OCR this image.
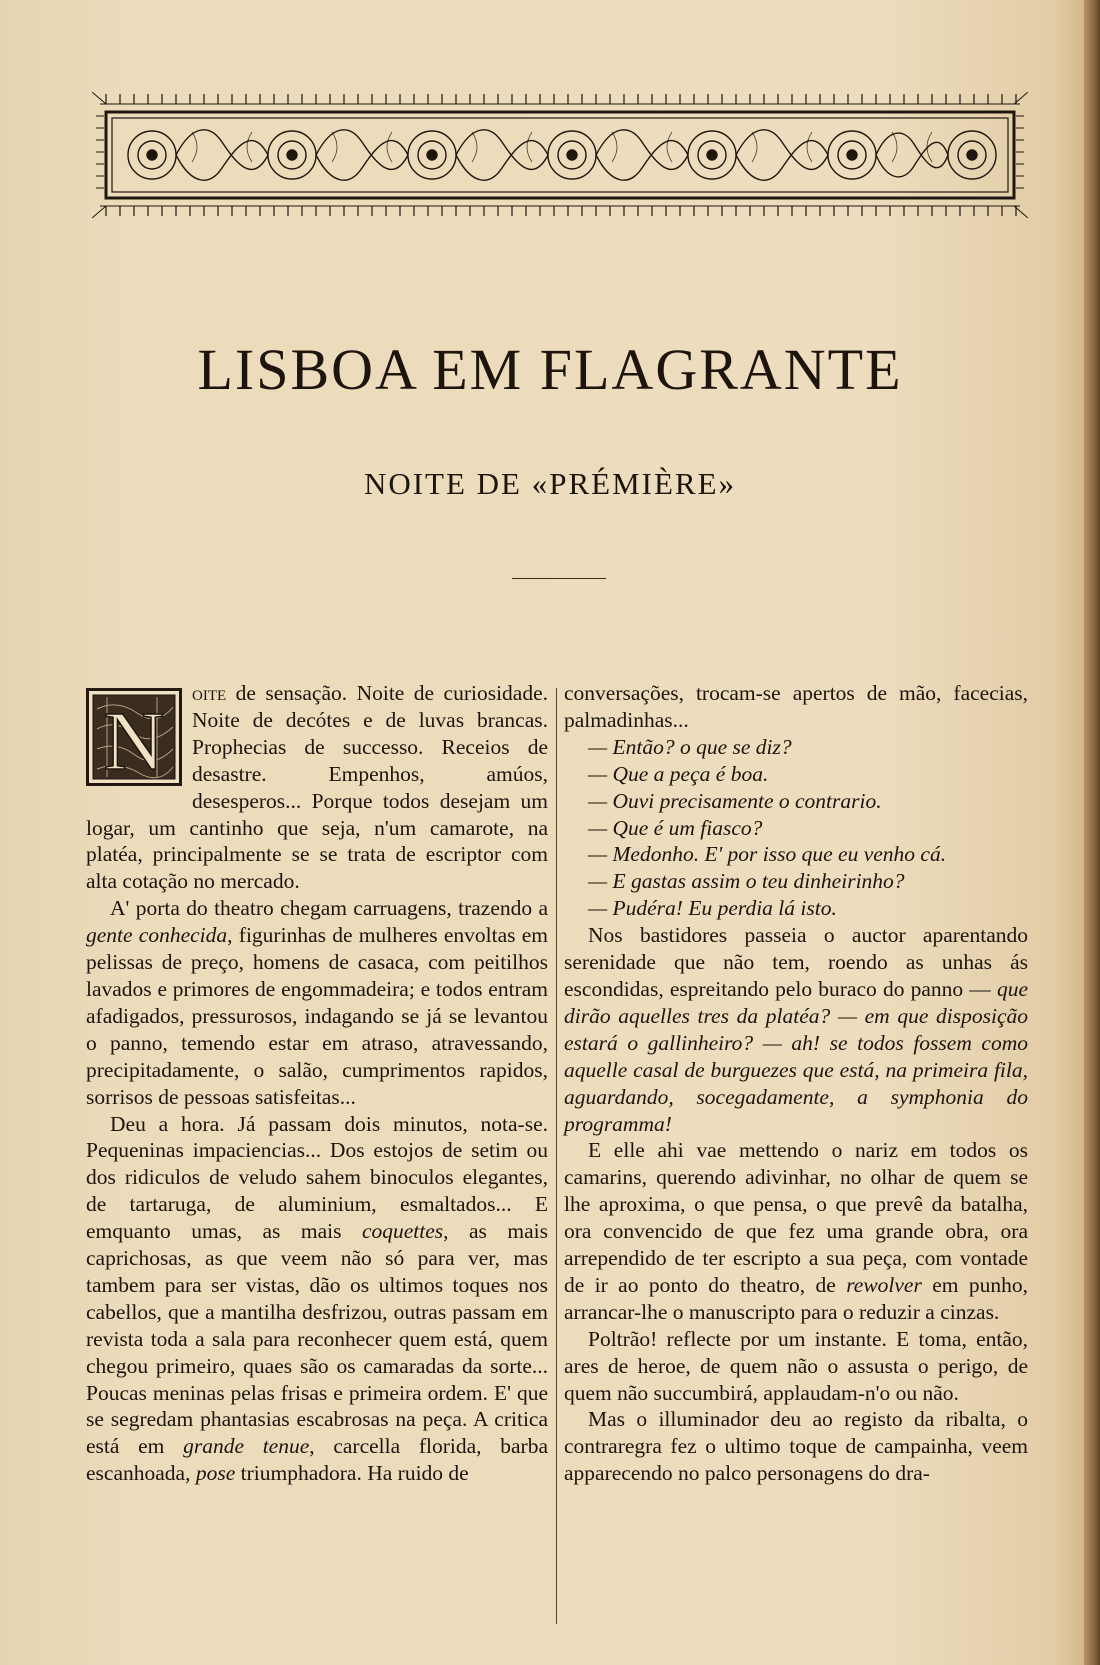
LISBOA EM FLAGRANTE
NOITE DE «PRÉMIÈRE»
N

oite de sensação. Noite de curiosidade. Noite de decótes e de luvas brancas. Prophecias de successo. Receios de desastre. Empenhos, amúos, desesperos... Porque todos desejam um logar, um cantinho que seja, n'um camarote, na platéa, principalmente se se trata de escriptor com alta cotação no mercado.

A' porta do theatro chegam carruagens, trazendo a gente conhecida, figurinhas de mulheres envoltas em pelissas de preço, homens de casaca, com peitilhos lavados e primores de engommadeira; e todos entram afadigados, pressurosos, indagando se já se levantou o panno, temendo estar em atraso, atravessando, precipitadamente, o salão, cumprimentos rapidos, sorrisos de pessoas satisfeitas...

Deu a hora. Já passam dois minutos, nota-se. Pequeninas impaciencias... Dos estojos de setim ou dos ridiculos de veludo sahem binoculos elegantes, de tartaruga, de aluminium, esmaltados... E emquanto umas, as mais coquettes, as mais caprichosas, as que veem não só para ver, mas tambem para ser vistas, dão os ultimos toques nos cabellos, que a mantilha desfrizou, outras passam em revista toda a sala para reconhecer quem está, quem chegou primeiro, quaes são os camaradas da sorte... Poucas meninas pelas frisas e primeira ordem. E' que se segredam phantasias escabrosas na peça. A critica está em grande tenue, carcella florida, barba escanhoada, pose triumphadora. Ha ruido de

conversações, trocam-se apertos de mão, facecias, palmadinhas...

— Então? o que se diz?

— Que a peça é boa.

— Ouvi precisamente o contrario.

— Que é um fiasco?

— Medonho. E' por isso que eu venho cá.

— E gastas assim o teu dinheirinho?

— Pudéra! Eu perdia lá isto.

Nos bastidores passeia o auctor aparentando serenidade que não tem, roendo as unhas ás escondidas, espreitando pelo buraco do panno — que dirão aquelles tres da platéa? — em que disposição estará o gallinheiro? — ah! se todos fossem como aquelle casal de burguezes que está, na primeira fila, aguardando, socegadamente, a symphonia do programma!

E elle ahi vae mettendo o nariz em todos os camarins, querendo adivinhar, no olhar de quem se lhe aproxima, o que pensa, o que prevê da batalha, ora convencido de que fez uma grande obra, ora arrependido de ter escripto a sua peça, com vontade de ir ao ponto do theatro, de rewolver em punho, arrancar-lhe o manuscripto para o reduzir a cinzas.

Poltrão! reflecte por um instante. E toma, então, ares de heroe, de quem não o assusta o perigo, de quem não succumbirá, applaudam-n'o ou não.

Mas o illuminador deu ao registo da ribalta, o contraregra fez o ultimo toque de campainha, veem apparecendo no palco personagens do dra-
